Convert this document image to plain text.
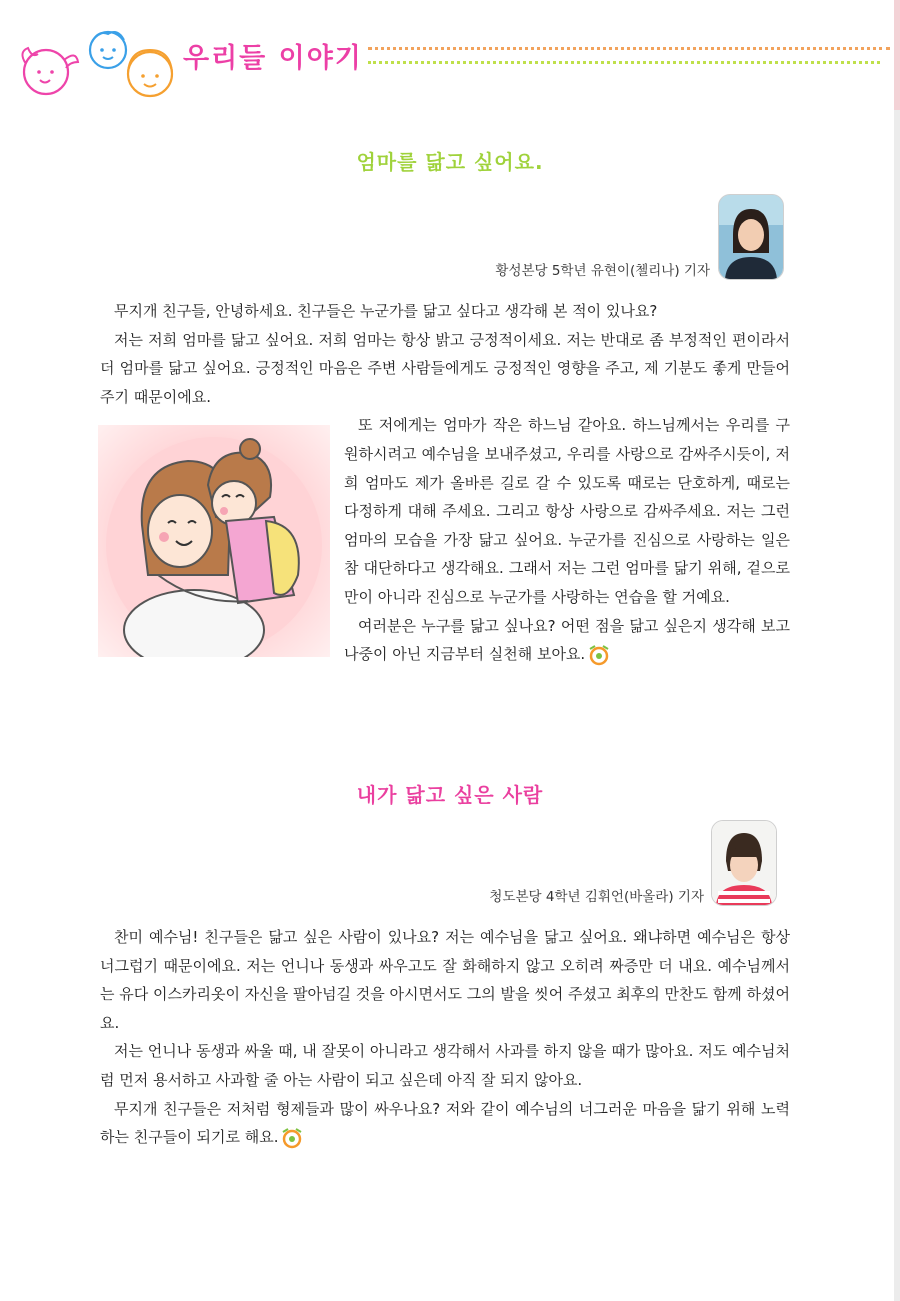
우리들 이야기
엄마를 닮고 싶어요.
황성본당 5학년 유현이(첼리나) 기자

무지개 친구들, 안녕하세요. 친구들은 누군가를 닮고 싶다고 생각해 본 적이 있나요?

저는 저희 엄마를 닮고 싶어요. 저희 엄마는 항상 밝고 긍정적이세요. 저는 반대로 좀 부정적인 편이라서 더 엄마를 닮고 싶어요. 긍정적인 마음은 주변 사람들에게도 긍정적인 영향을 주고, 제 기분도 좋게 만들어 주기 때문이에요.

또 저에게는 엄마가 작은 하느님 같아요. 하느님께서는 우리를 구원하시려고 예수님을 보내주셨고, 우리를 사랑으로 감싸주시듯이, 저희 엄마도 제가 올바른 길로 갈 수 있도록 때로는 단호하게, 때로는 다정하게 대해 주세요. 그리고 항상 사랑으로 감싸주세요. 저는 그런 엄마의 모습을 가장 닮고 싶어요. 누군가를 진심으로 사랑하는 일은 참 대단하다고 생각해요. 그래서 저는 그런 엄마를 닮기 위해, 겉으로만이 아니라 진심으로 누군가를 사랑하는 연습을 할 거예요.

여러분은 누구를 닮고 싶나요? 어떤 점을 닮고 싶은지 생각해 보고 나중이 아닌 지금부터 실천해 보아요.

내가 닮고 싶은 사람
청도본당 4학년 김휘언(바올라) 기자

찬미 예수님! 친구들은 닮고 싶은 사람이 있나요? 저는 예수님을 닮고 싶어요. 왜냐하면 예수님은 항상 너그럽기 때문이에요. 저는 언니나 동생과 싸우고도 잘 화해하지 않고 오히려 짜증만 더 내요. 예수님께서는 유다 이스카리옷이 자신을 팔아넘길 것을 아시면서도 그의 발을 씻어 주셨고 최후의 만찬도 함께 하셨어요.

저는 언니나 동생과 싸울 때, 내 잘못이 아니라고 생각해서 사과를 하지 않을 때가 많아요. 저도 예수님처럼 먼저 용서하고 사과할 줄 아는 사람이 되고 싶은데 아직 잘 되지 않아요.

무지개 친구들은 저처럼 형제들과 많이 싸우나요? 저와 같이 예수님의 너그러운 마음을 닮기 위해 노력하는 친구들이 되기로 해요.
